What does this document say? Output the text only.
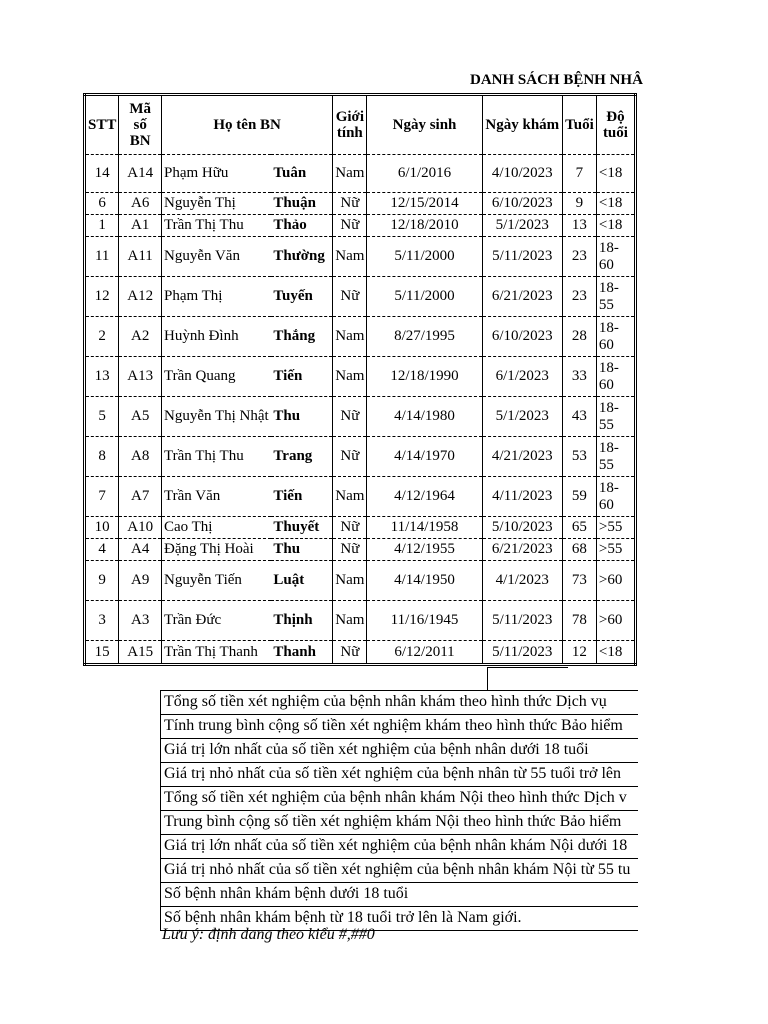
DANH SÁCH BỆNH NHÂ
STT	Mã số BN	Họ tên BN		Giới tính	Ngày sinh	Ngày khám	Tuổi	Độ tuổi
14	A14	Phạm Hữu	Tuân	Nam	6/1/2016	4/10/2023	7	<18
6	A6	Nguyễn Thị	Thuận	Nữ	12/15/2014	6/10/2023	9	<18
1	A1	Trần Thị Thu	Thảo	Nữ	12/18/2010	5/1/2023	13	<18
11	A11	Nguyễn Văn	Thường	Nam	5/11/2000	5/11/2023	23	18-60
12	A12	Phạm Thị	Tuyến	Nữ	5/11/2000	6/21/2023	23	18-55
2	A2	Huỳnh Đình	Thắng	Nam	8/27/1995	6/10/2023	28	18-60
13	A13	Trần Quang	Tiến	Nam	12/18/1990	6/1/2023	33	18-60
5	A5	Nguyễn Thị Nhật	Thu	Nữ	4/14/1980	5/1/2023	43	18-55
8	A8	Trần Thị Thu	Trang	Nữ	4/14/1970	4/21/2023	53	18-55
7	A7	Trần Văn	Tiến	Nam	4/12/1964	4/11/2023	59	18-60
10	A10	Cao Thị	Thuyết	Nữ	11/14/1958	5/10/2023	65	>55
4	A4	Đặng Thị Hoài	Thu	Nữ	4/12/1955	6/21/2023	68	>55
9	A9	Nguyễn Tiến	Luật	Nam	4/14/1950	4/1/2023	73	>60
3	A3	Trần Đức	Thịnh	Nam	11/16/1945	5/11/2023	78	>60
15	A15	Trần Thị Thanh	Thanh	Nữ	6/12/2011	5/11/2023	12	<18
Tổng số tiền xét nghiệm của bệnh nhân khám theo hình thức Dịch vụ
Tính trung bình cộng số tiền xét nghiệm khám theo hình thức Bảo hiểm
Giá trị lớn nhất của số tiền xét nghiệm của bệnh nhân dưới 18 tuổi
Giá trị nhỏ nhất của số tiền xét nghiệm của bệnh nhân từ 55 tuổi trở lên
Tổng số tiền xét nghiệm của bệnh nhân khám Nội theo hình thức Dịch v
Trung bình cộng số tiền xét nghiệm khám Nội theo hình thức Bảo hiểm
Giá trị lớn nhất của số tiền xét nghiệm của bệnh nhân khám Nội dưới 18
Giá trị nhỏ nhất của số tiền xét nghiệm của bệnh nhân khám Nội từ 55 tu
Số bệnh nhân khám bệnh dưới 18 tuổi
Số bệnh nhân khám bệnh từ 18 tuổi trở lên là Nam giới.
Lưu ý: định dang theo kiểu #,##0
